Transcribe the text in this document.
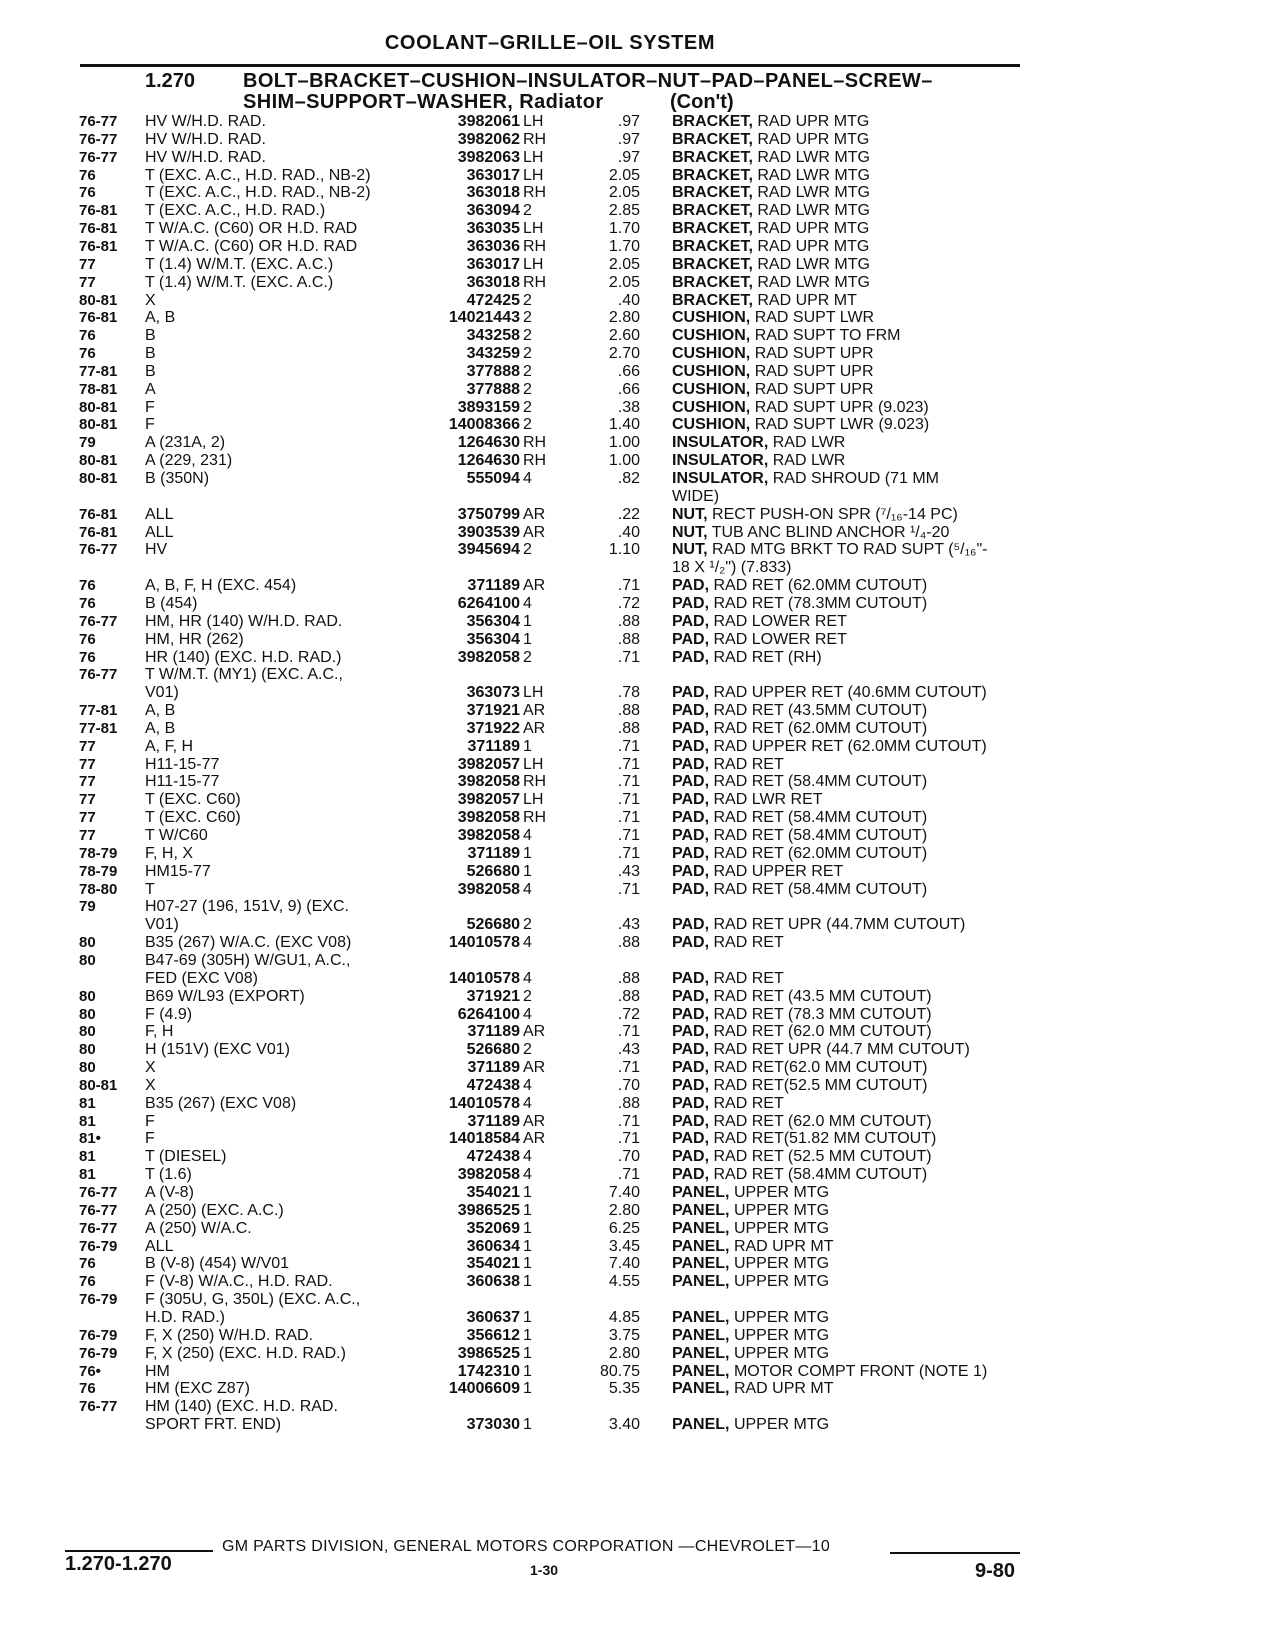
COOLANT–GRILLE–OIL SYSTEM
1.270 BOLT–BRACKET–CUSHION–INSULATOR–NUT–PAD–PANEL–SCREW–
SHIM–SUPPORT–WASHER, Radiator	(Con't)
76-77	HV W/H.D. RAD.	3982061 LH	.97 BRACKET, RAD UPR MTG
76-77	HV W/H.D. RAD.	3982062 RH	.97 BRACKET, RAD UPR MTG
76-77	HV W/H.D. RAD.	3982063 LH	.97 BRACKET, RAD LWR MTG
76	T (EXC. A.C., H.D. RAD., NB-2)	363017 LH	2.05 BRACKET, RAD LWR MTG
76	T (EXC. A.C., H.D. RAD., NB-2)	363018 RH	2.05 BRACKET, RAD LWR MTG
76-81	T (EXC. A.C., H.D. RAD.)	363094 2	2.85 BRACKET, RAD LWR MTG
76-81	T W/A.C. (C60) OR H.D. RAD	363035 LH	1.70 BRACKET, RAD UPR MTG
76-81	T W/A.C. (C60) OR H.D. RAD	363036 RH	1.70 BRACKET, RAD UPR MTG
77	T (1.4) W/M.T. (EXC. A.C.)	363017 LH	2.05 BRACKET, RAD LWR MTG
77	T (1.4) W/M.T. (EXC. A.C.)	363018 RH	2.05 BRACKET, RAD LWR MTG
80-81	X	472425 2	.40 BRACKET, RAD UPR MT
76-81	A, B	14021443 2	2.80 CUSHION, RAD SUPT LWR
76	B	343258 2	2.60 CUSHION, RAD SUPT TO FRM
76	B	343259 2	2.70 CUSHION, RAD SUPT UPR
77-81	B	377888 2	.66 CUSHION, RAD SUPT UPR
78-81	A	377888 2	.66 CUSHION, RAD SUPT UPR
80-81	F	3893159 2	.38 CUSHION, RAD SUPT UPR (9.023)
80-81	F	14008366 2	1.40 CUSHION, RAD SUPT LWR (9.023)
79	A (231A, 2)	1264630 RH	1.00 INSULATOR, RAD LWR
80-81	A (229, 231)	1264630 RH	1.00 INSULATOR, RAD LWR
80-81	B (350N)	555094 4	.82 INSULATOR, RAD SHROUD (71 MM
WIDE)
76-81	ALL	3750799 AR	.22 NUT, RECT PUSH-ON SPR (⁷/₁₆-14 PC)
76-81	ALL	3903539 AR	.40 NUT, TUB ANC BLIND ANCHOR ¹/₄-20
76-77	HV	3945694 2	1.10 NUT, RAD MTG BRKT TO RAD SUPT (⁵/₁₆"-
18 X ¹/₂") (7.833)
76	A, B, F, H (EXC. 454)	371189 AR	.71 PAD, RAD RET (62.0MM CUTOUT)
76	B (454)	6264100 4	.72 PAD, RAD RET (78.3MM CUTOUT)
76-77	HM, HR (140) W/H.D. RAD.	356304 1	.88 PAD, RAD LOWER RET
76	HM, HR (262)	356304 1	.88 PAD, RAD LOWER RET
76	HR (140) (EXC. H.D. RAD.)	3982058 2	.71 PAD, RAD RET (RH)
76-77	T W/M.T. (MY1) (EXC. A.C.,
V01)	363073 LH	.78 PAD, RAD UPPER RET (40.6MM CUTOUT)
77-81	A, B	371921 AR	.88 PAD, RAD RET (43.5MM CUTOUT)
77-81	A, B	371922 AR	.88 PAD, RAD RET (62.0MM CUTOUT)
77	A, F, H	371189 1	.71 PAD, RAD UPPER RET (62.0MM CUTOUT)
77	H11-15-77	3982057 LH	.71 PAD, RAD RET
77	H11-15-77	3982058 RH	.71 PAD, RAD RET (58.4MM CUTOUT)
77	T (EXC. C60)	3982057 LH	.71 PAD, RAD LWR RET
77	T (EXC. C60)	3982058 RH	.71 PAD, RAD RET (58.4MM CUTOUT)
77	T W/C60	3982058 4	.71 PAD, RAD RET (58.4MM CUTOUT)
78-79	F, H, X	371189 1	.71 PAD, RAD RET (62.0MM CUTOUT)
78-79	HM15-77	526680 1	.43 PAD, RAD UPPER RET
78-80	T	3982058 4	.71 PAD, RAD RET (58.4MM CUTOUT)
79	H07-27 (196, 151V, 9) (EXC.
V01)	526680 2	.43 PAD, RAD RET UPR (44.7MM CUTOUT)
80	B35 (267) W/A.C. (EXC V08)	14010578 4	.88 PAD, RAD RET
80	B47-69 (305H) W/GU1, A.C.,
FED (EXC V08)	14010578 4	.88 PAD, RAD RET
80	B69 W/L93 (EXPORT)	371921 2	.88 PAD, RAD RET (43.5 MM CUTOUT)
80	F (4.9)	6264100 4	.72 PAD, RAD RET (78.3 MM CUTOUT)
80	F, H	371189 AR	.71 PAD, RAD RET (62.0 MM CUTOUT)
80	H (151V) (EXC V01)	526680 2	.43 PAD, RAD RET UPR (44.7 MM CUTOUT)
80	X	371189 AR	.71 PAD, RAD RET(62.0 MM CUTOUT)
80-81	X	472438 4	.70 PAD, RAD RET(52.5 MM CUTOUT)
81	B35 (267) (EXC V08)	14010578 4	.88 PAD, RAD RET
81	F	371189 AR	.71 PAD, RAD RET (62.0 MM CUTOUT)
81•	F	14018584 AR	.71 PAD, RAD RET(51.82 MM CUTOUT)
81	T (DIESEL)	472438 4	.70 PAD, RAD RET (52.5 MM CUTOUT)
81	T (1.6)	3982058 4	.71 PAD, RAD RET (58.4MM CUTOUT)
76-77	A (V-8)	354021 1	7.40 PANEL, UPPER MTG
76-77	A (250) (EXC. A.C.)	3986525 1	2.80 PANEL, UPPER MTG
76-77	A (250) W/A.C.	352069 1	6.25 PANEL, UPPER MTG
76-79	ALL	360634 1	3.45 PANEL, RAD UPR MT
76	B (V-8) (454) W/V01	354021 1	7.40 PANEL, UPPER MTG
76	F (V-8) W/A.C., H.D. RAD.	360638 1	4.55 PANEL, UPPER MTG
76-79	F (305U, G, 350L) (EXC. A.C.,
H.D. RAD.)	360637 1	4.85 PANEL, UPPER MTG
76-79	F, X (250) W/H.D. RAD.	356612 1	3.75 PANEL, UPPER MTG
76-79	F, X (250) (EXC. H.D. RAD.)	3986525 1	2.80 PANEL, UPPER MTG
76•	HM	1742310 1	80.75 PANEL, MOTOR COMPT FRONT (NOTE 1)
76	HM (EXC Z87)	14006609 1	5.35 PANEL, RAD UPR MT
76-77	HM (140) (EXC. H.D. RAD.
SPORT FRT. END)	373030 1	3.40 PANEL, UPPER MTG
GM PARTS DIVISION, GENERAL MOTORS CORPORATION —CHEVROLET—10
1.270-1.270	1-30	9-80
